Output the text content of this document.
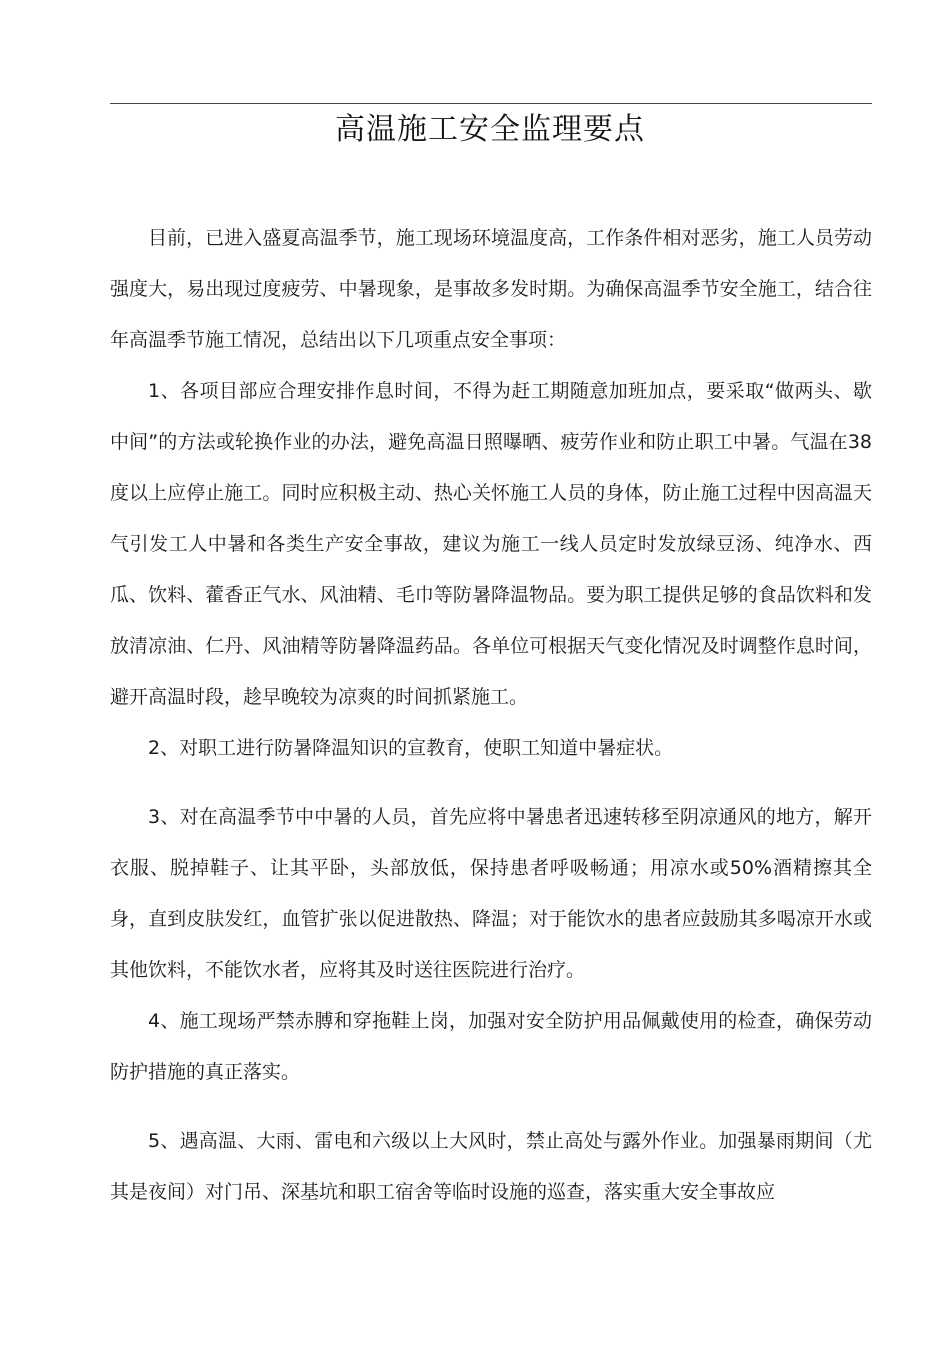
高温施工安全监理要点

目前，已进入盛夏高温季节，施工现场环境温度高，工作条件相对恶劣，施工人员劳动强度大，易出现过度疲劳、中暑现象，是事故多发时期。为确保高温季节安全施工，结合往年高温季节施工情况，总结出以下几项重点安全事项：

1、各项目部应合理安排作息时间，不得为赶工期随意加班加点，要采取“做两头、歇中间”的方法或轮换作业的办法，避免高温日照曝晒、疲劳作业和防止职工中暑。气温在38度以上应停止施工。同时应积极主动、热心关怀施工人员的身体，防止施工过程中因高温天气引发工人中暑和各类生产安全事故，建议为施工一线人员定时发放绿豆汤、纯净水、西瓜、饮料、藿香正气水、风油精、毛巾等防暑降温物品。要为职工提供足够的食品饮料和发放清凉油、仁丹、风油精等防暑降温药品。各单位可根据天气变化情况及时调整作息时间，避开高温时段，趁早晚较为凉爽的时间抓紧施工。

2、对职工进行防暑降温知识的宣教育，使职工知道中暑症状。

3、对在高温季节中中暑的人员，首先应将中暑患者迅速转移至阴凉通风的地方，解开衣服、脱掉鞋子、让其平卧，头部放低，保持患者呼吸畅通；用凉水或50%酒精擦其全身，直到皮肤发红，血管扩张以促进散热、降温；对于能饮水的患者应鼓励其多喝凉开水或其他饮料，不能饮水者，应将其及时送往医院进行治疗。

4、施工现场严禁赤膊和穿拖鞋上岗，加强对安全防护用品佩戴使用的检查，确保劳动防护措施的真正落实。

5、遇高温、大雨、雷电和六级以上大风时，禁止高处与露外作业。加强暴雨期间（尤其是夜间）对门吊、深基坑和职工宿舍等临时设施的巡查，落实重大安全事故应
